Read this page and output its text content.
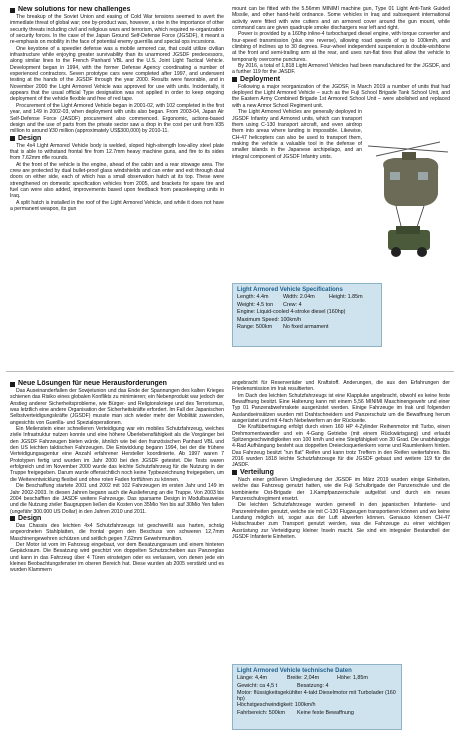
New solutions for new challenges

The breakup of the Soviet Union and easing of Cold War tensions seemed to avert the immediate threat of global war; one by-product was, however, a rise in the importance of other security threats including civil and religious wars and terrorism, which required re-organization of security forces. In the case of the Japan Ground Self-Defense Force (JGSDF), it meant a re-emphasis on mobility in the face of potential enemy guerrilla and special ops incursions.

One keystone of a speedier defense was a mobile armored car, that could utilize civilian infrastructure while enjoying greater survivability than its unarmored JGSDF predecessors, along similar lines to the French Panhard VBL and the U.S. Joint Light Tactical Vehicle. Development began in 1994, with the former Defense Agency coordinating a number of experienced contractors. Seven prototype cars were completed after 1997, and underwent testing at the hands of the JGSDF through the year 2000. Results were favorable, and in November 2000 the Light Armored Vehicle was approved for use with units. Incidentally, it appears that the usual official Type designation was not applied in order to keep ongoing deployment of the vehicle flexible and free of red tape.

Procurement of the Light Armored Vehicle began in 2001-02, with 102 completed in the first year, and 149 in 2002-03, when deployment with units also began. From 2003-04, Japan Air Self-Defense Force (JASDF) procurement also commenced. Ergonomic, actions-based design and the use of parts from the private sector saw a drop in the cost per unit from ¥35 million to around ¥30 million (approximately US$300,000) by 2010-11.

Design

The 4x4 Light Armored Vehicle body is welded, sloped high-strength low-alloy steel plate that is able to withstand frontal fire from 12.7mm heavy machine guns, and fire to its sides from 7.62mm rifle rounds.

At the front of the vehicle is the engine, ahead of the cabin and a rear stowage area. The crew are protected by dual bullet-proof glass windshields and can enter and exit through dual doors on either side, each of which has a small observation hatch at its top. These were strengthened on domestic specification vehicles from 2005, and brackets for spare tire and fuel can were also added, improvements based upon feedback from peacekeeping units in Iraq.

A split hatch is installed in the roof of the Light Armored Vehicle, and while it does not have a permanent weapon, its gun

mount can be fitted with the 5.56mm MINIMI machine gun, Type 01 Light Anti-Tank Guided Missile, and other hand-held ordnance. Some vehicles in Iraq and subsequent international activity were fitted with wire cutters and an armored cover around the gun mount, while command cars are given quadruple smoke dischargers rear left and right.

Power is provided by a 160hp inline-4 turbocharged diesel engine, with torque converter and four-speed transmission (plus one reverse), allowing road speeds of up to 100km/h, and climbing of inclines up to 30 degrees. Four-wheel independent suspension is double-wishbone at the front and semi-trailing arm at the rear, and uses run-flat tires that allow the vehicle to temporarily overcome punctures.

By 2016, a total of 1,818 Light Armored Vehicles had been manufactured for the JGSDF, and a further 119 for the JASDF.

Deployment

Following a major reorganization of the JGDSF, in March 2019 a number of units that had deployed the Light Armored Vehicle – such as the Fuji School Brigade Tank School Unit, and the Eastern Army Combined Brigade 1st Armored School Unit – were abolished and replaced with a new Armor School Regiment unit.

The Light Armored Vehicles are generally deployed in JGSDF Infantry and Armored units, which can transport them using C-130 transport aircraft, and even airdrop them into areas where landing is impossible. Likewise, CH-47 helicopters can also be used to transport them, making the vehicle a valuable tool in the defense of smaller islands in the Japanese archipelago, and an integral component of JGSDF Infantry units.

Light Armored Vehicle Specifications
Length: 4.4m	Width: 2.04m	Height: 1.85m
Weight: 4.5 ton Crew: 4
Engine: Liquid-cooled 4-stroke diesel (160hp)
Maximum Speed: 100km/h
Range: 500km No fixed armament
Neue Lösungen für neue Herausforderungen

Das Auseinanderfallen der Sowjetunion und das Ende der Spannungen des kalten Krieges schienen das Risiko eines globalen Konflikts zu minimieren; ein Nebenprodukt war jedoch der Anstieg anderer Sicherheitsprobleme, wie Bürger- und Religionskriege und des Terrorismus, was letztlich eine andere Organisation der Sicherheitskräfte erfordert. Im Fall der Japanischen Selbstverteidigungskräfte (JGSDF) musste man sich wieder mehr der Mobilität zuwenden, angesichts von Guerilla- und Spezialoperationen.

Ein Meilenstein einer schnelleren Verteidigung war ein mobiles Schutzfahrzeug, welches zivile Infrastruktur nutzen konnte und eine höhere Überlebensfähigkeit als die Vorgänger bei den JGSDF Fahrzeugen bieten würde, ähnlich wie bei den französischen Panhard VBL und den US leichten taktischen Fahrzeugen. Die Entwicklung begann 1994, bei der die frühere Verteidigungsagentur eine Anzahl erfahrener Hersteller koordinierte. Ab 1997 waren 7 Prototypen fertig und wurden im Jahr 2000 bei den JGSDF getestet. Die Tests waren erfolgreich und im November 2000 wurde das leichte Schutzfahrzeug für die Nutzung in der Truppe freigegeben. Darum wurde offensichtlich noch keine Typbezeichnung freigegeben, um die Weiterentwicklung flexibel und ohne roten Faden fortführen zu können.

Die Beschaffung startete 2001 und 2002 mit 102 Fahrzeugen im ersten Jahr und 149 im Jahr 2002-2003. In diesen Jahren begann auch die Auslieferung an die Truppe. Von 2003 bis 2004 beschafften die JASDF weitere Fahrzeuge. Das sparsame Design in Modulbauweise und die Nutzung ziviler Baugruppen ließen die Kosten von 35Mio Yen bis auf 30Mio Yen fallen (ungefähr 300.000 US Dollar) in den Jahren 2010 und 2011.

Design

Das Chassis des leichten 4x4 Schutzfahrzeugs ist geschweißt aus harten, schräg angeordneten Stahlplatten, die frontal gegen den Beschuss von schweren 12,7mm Maschinengewehren schützen und seitlich gegen 7,62mm Gewehrmunition.

Der Motor ist vorn im Fahrzeug eingebaut, vor dem Besatzungsraum und einem hinteren Gepäckraum. Die Besatzung wird geschtzt von doppelten Schutzscheiben aus Panzerglas und kann in das Fahrzeug über 4 Türen einsteigen oder es verlassen, von denen jede ein kleines Beobachtungsfenster im oberen Bereich hat. Diese wurden ab 2005 verstärkt und es wurden Klammern

angebracht für Reserveräder und Kraftstoff. Änderungen, die aus den Erfahrungen der Friedensmission im Irak resultierten.

Im Dach des leichten Schutzfahrzeugs ist eine Klappluke angebracht, obwohl es keine feste Bewaffnung besitzt. Eine Halterung kann mit einem 5,56 MINIMI Maschinengewehr und einer Typ 01 Panzerabwehrrakete ausgerüstet werden. Einige Fahrzeuge im Irak und folgenden Auslandseinsätzen wurden mit Drahtschneidern und Panzerschutz um die Bewaffnung herum ausgerüstet und mit 4-fach Nebelwerfern an der Rückseite.

Die Kraftübertragung erfolgt durch einen 160 HP 4-Zylinder Reihenmotor mit Turbo, einen Drehmomentwandler und ein 4-Gang Getriebe (mit einem Rückwärtsgang) und erlaubt Spitzengeschwindigkeiten von 100 km/h und eine Steigfähigkeit von 30 Grad. Die unabhängige 4-Rad Aufhängung besteht aus doppelten Dreiecksquerlenkern vorne und Raumlenkern hinten. Das Fahrzeug besitzt “run flat” Reifen und kann trotz Treffern in den Reifen weiterfahren. Bis 2016 wurden 1818 leichte Schutzfahrzeuge für die JGSDF gebaut und weitere 119 für die JASDF.

Verteilung

Nach einer größeren Umgliederung der JGSDF im März 2019 wurden einige Einheiten, welche das Fahrzeug genutzt hatten, wie die Fuji Schulbrigade der Panzerschule und die kombinierte Ost-Brigade der 1.Kampfpanzerschule aufgelöst und durch ein neues Panzerschulregiment ersetzt.

Die leichten Schutzfahrzeuge wurden generell in den japanischen Infanterie- und Panzereinheiten genutzt, welche sie mit C-130 Flugzeugen transportieren können und wo keine Landung möglich ist, sogar aus der Luft abwerfen können. Genauso können CH-47 Hubschrauber zum Transport genutzt werden, was die Fahrzeuge zu einer wichtigen Ausrüstung zur Verteidigung kleiner Inseln macht. Sie sind ein integraler Bestandteil der JGSDF Infanterie Einheiten.

Light Armored Vehicle technische Daten
Länge: 4,4m	Breite: 2,04m	Höhe: 1,85m
Gewicht: ca 4,5 t	Besatzung: 4
Motor: flüssigkeitsgekühlter 4-takt Dieselmotor mit Turbolader (160 hp)
Höchstgeschwindigkeit: 100km/h
Fahrbereich: 500km Keine feste Bewaffnung
